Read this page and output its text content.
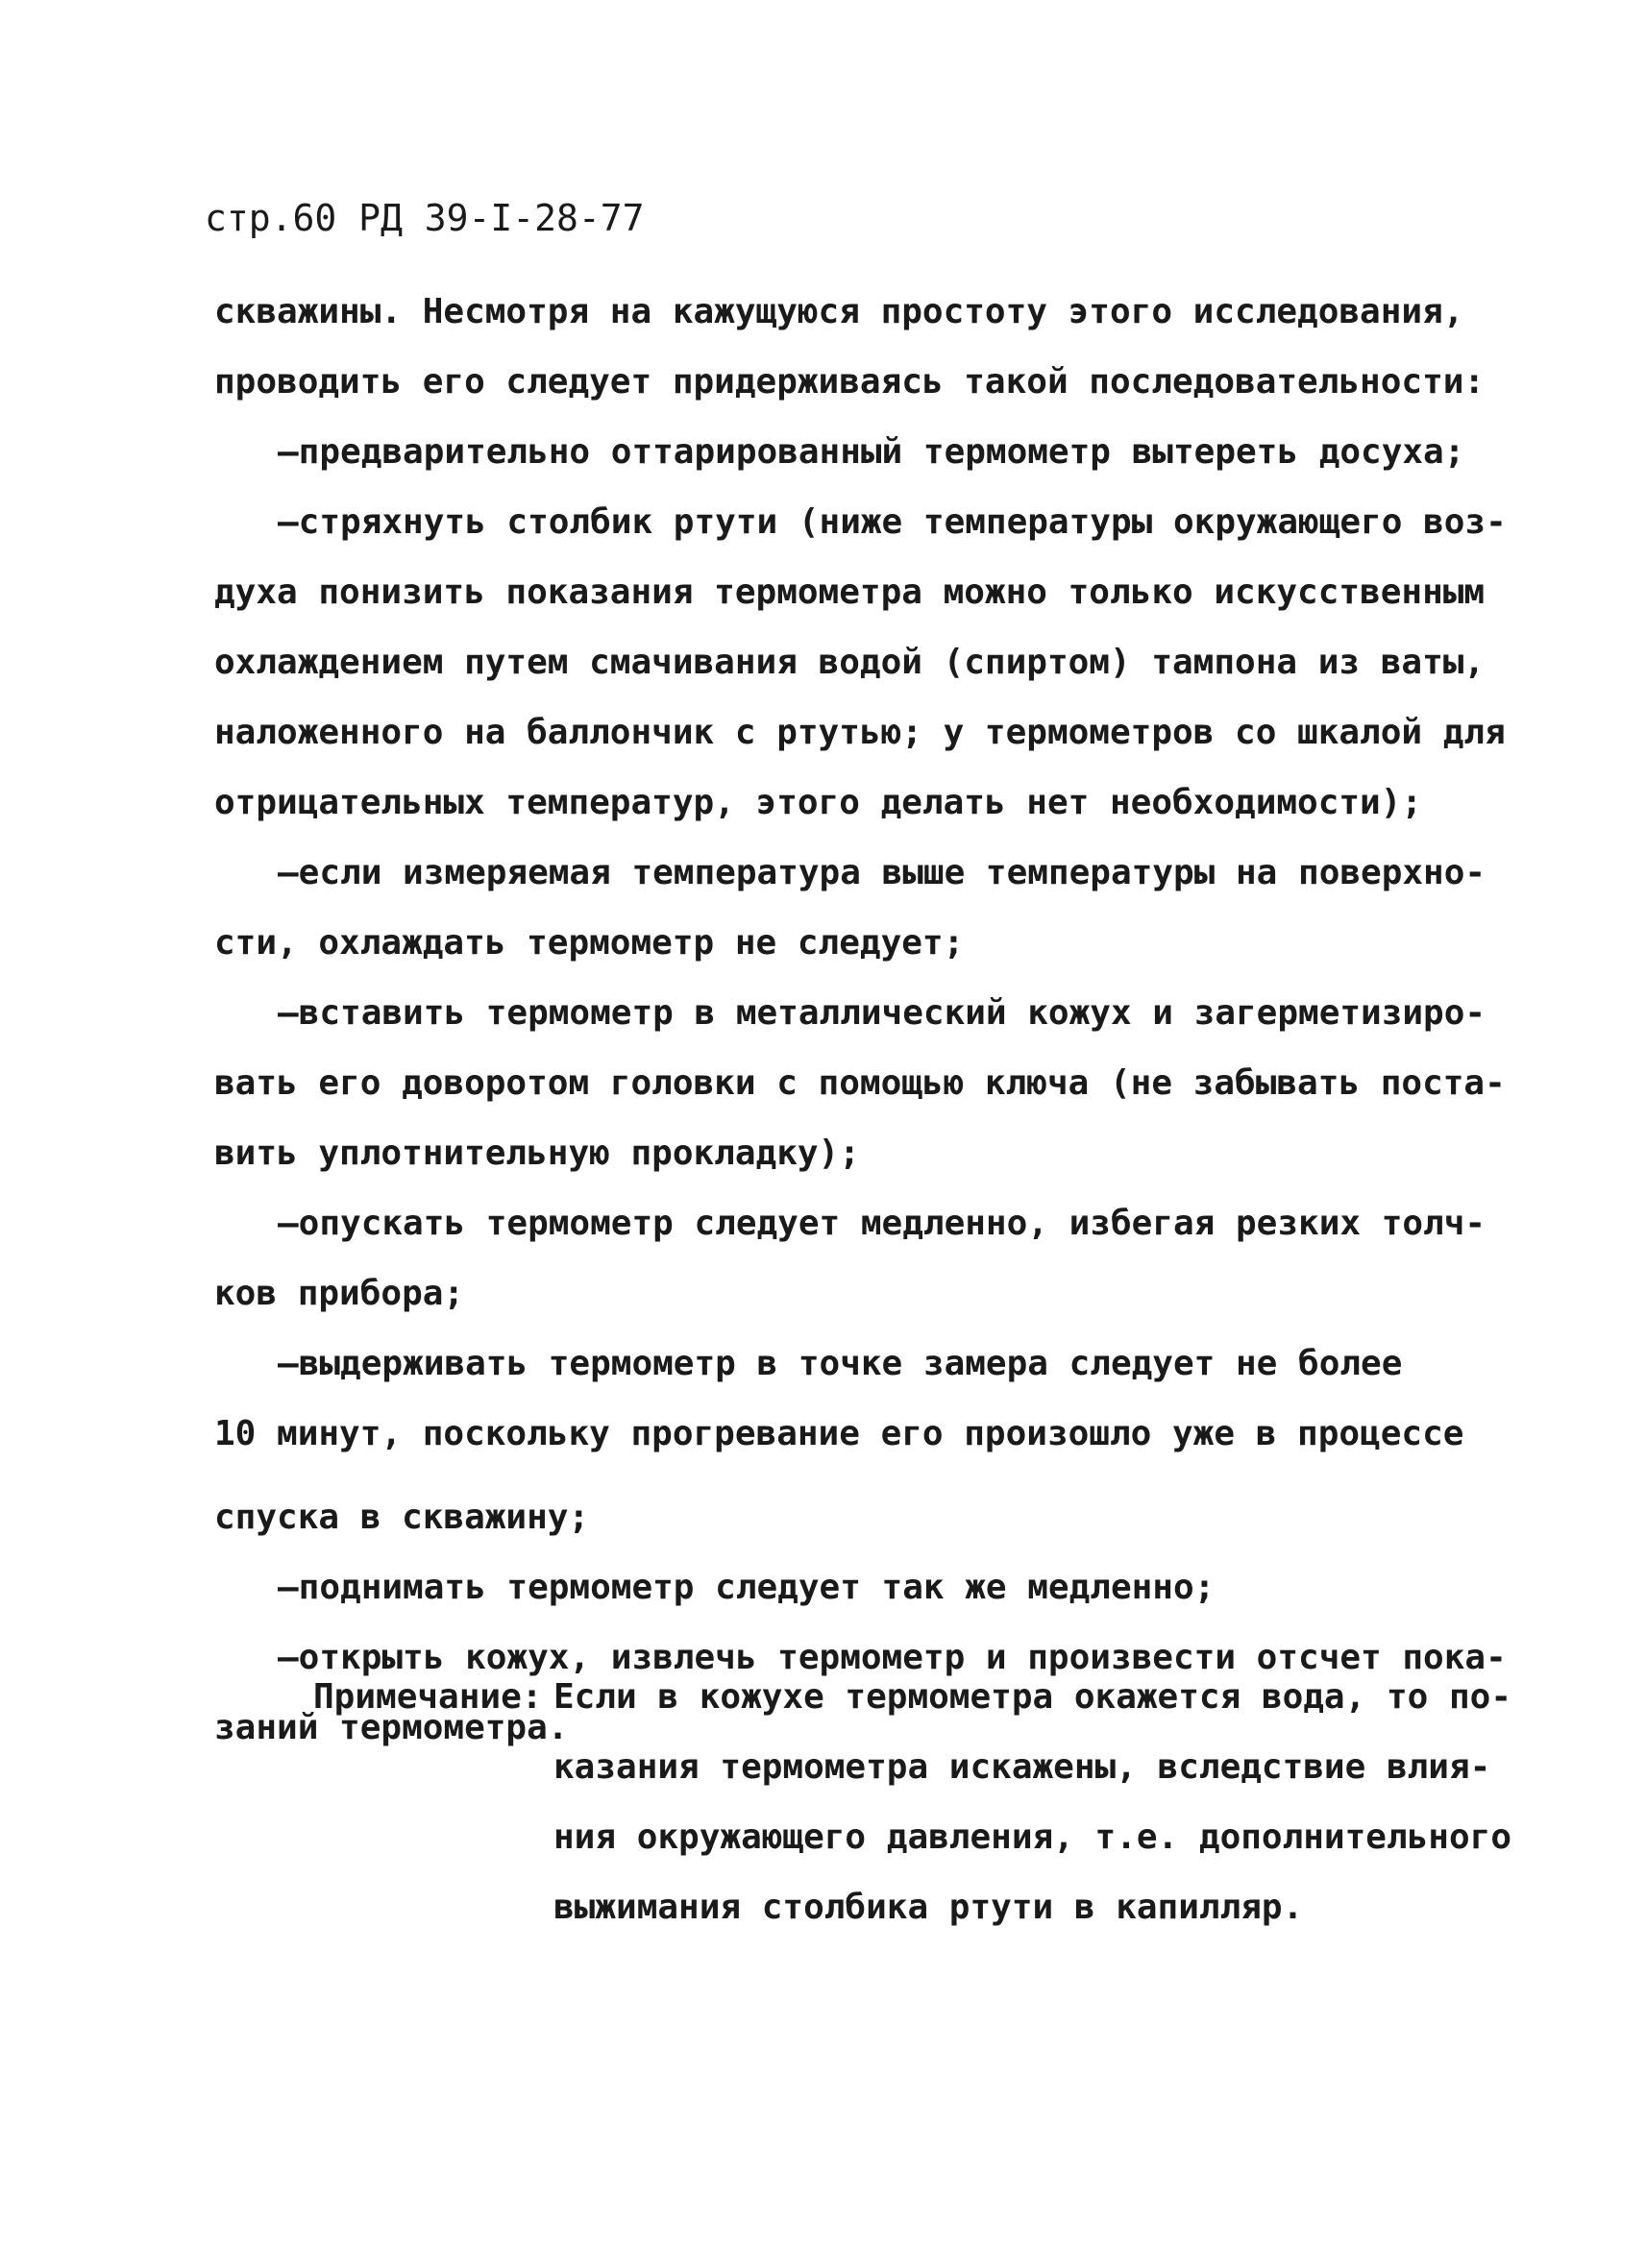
стр.60 РД 39-I-28-77
скважины. Несмотря на кажущуюся простоту этого исследования,
проводить его следует придерживаясь такой последовательности:
–предварительно оттарированный термометр вытереть досуха;
–стряхнуть столбик ртути (ниже температуры окружающего воз-
духа понизить показания термометра можно только искусственным
охлаждением путем смачивания водой (спиртом) тампона из ваты,
наложенного на баллончик с ртутью; у термометров со шкалой для
отрицательных температур, этого делать нет необходимости);
–если измеряемая температура выше температуры на поверхно-
сти, охлаждать термометр не следует;
–вставить термометр в металлический кожух и загерметизиро-
вать его доворотом головки с помощью ключа (не забывать поста-
вить уплотнительную прокладку);
–опускать термометр следует медленно, избегая резких толч-
ков прибора;
–выдерживать термометр в точке замера следует не более
10 минут, поскольку прогревание его произошло уже в процессе
спуска в скважину;
–поднимать термометр следует так же медленно;
–открыть кожух, извлечь термометр и произвести отсчет пока-
заний термометра.
Примечание: Если в кожухе термометра окажется вода, то по-
казания термометра искажены, вследствие влия-
ния окружающего давления, т.е. дополнительного
выжимания столбика ртути в капилляр.
